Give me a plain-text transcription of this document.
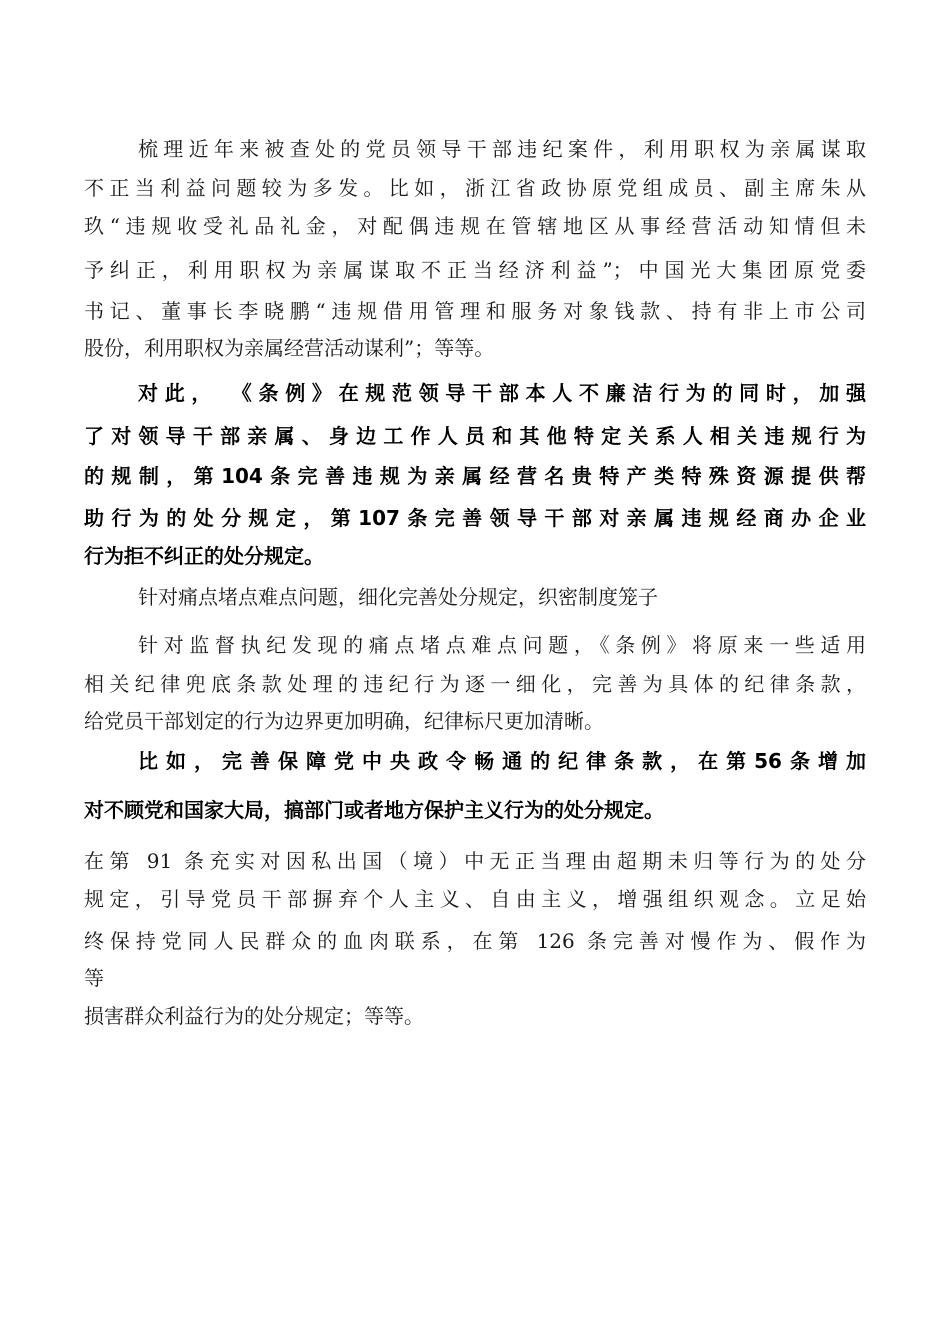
梳理近年来被查处的党员领导干部违纪案件，利用职权为亲属谋取
不正当利益问题较为多发。比如，浙江省政协原党组成员、副主席朱从
玖“违规收受礼品礼金，对配偶违规在管辖地区从事经营活动知情但未
予纠正，利用职权为亲属谋取不正当经济利益”；中国光大集团原党委
书记、董事长李晓鹏“违规借用管理和服务对象钱款、持有非上市公司
股份，利用职权为亲属经营活动谋利”；等等。
对此， 《条例》在规范领导干部本人不廉洁行为的同时，加强
了对领导干部亲属、身边工作人员和其他特定关系人相关违规行为
的规制，第104条完善违规为亲属经营名贵特产类特殊资源提供帮
助行为的处分规定，第107条完善领导干部对亲属违规经商办企业
行为拒不纠正的处分规定。
针对痛点堵点难点问题，细化完善处分规定，织密制度笼子
针对监督执纪发现的痛点堵点难点问题，《条例》将原来一些适用
相关纪律兜底条款处理的违纪行为逐一细化，完善为具体的纪律条款，
给党员干部划定的行为边界更加明确，纪律标尺更加清晰。
比如，完善保障党中央政令畅通的纪律条款，在第56条增加
对不顾党和国家大局，搞部门或者地方保护主义行为的处分规定。
在第 91 条充实对因私出国（境）中无正当理由超期未归等行为的处分
规定，引导党员干部摒弃个人主义、自由主义，增强组织观念。立足始
终保持党同人民群众的血肉联系，在第 126 条完善对慢作为、假作为
等
损害群众利益行为的处分规定；等等。
